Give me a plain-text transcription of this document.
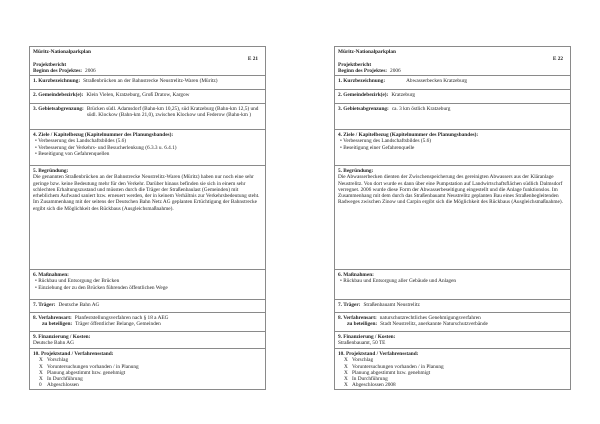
Müritz-Nationalparkplan
E 21
Projektbericht
Beginn des Projektes: 2006
1. Kurzbezeichnung: Straßenbrücken an der Bahnstrecke Neustrelitz-Waren (Müritz)
2. Gemeindebezirk(e): Klein Vielen, Kratzeburg, Groß Dratow, Kargow
3. Gebietsabgrenzung: Brücken südl. Adamsdorf (Bahn-km 10,25), süd Kratzeburg (Bahn-km 12,5) und südl. Klockow (Bahn-km 21,0), zwischen Klockow und Federow (Bahn-km )
4. Ziele / Kapitelbezug (Kapitelnummer des Planungsbandes):
• Verbesserung des Landschaftsbildes (5.6)
• Verbesserung der Verkehrs- und Besucherlenkung (6.3.3 u. 6.4.1)
• Beseitigung von Gefahrenquellen
5. Begründung:
Die genannten Straßenbrücken an der Bahnstrecke Neustrelitz-Waren (Müritz) haben nur noch eine sehr geringe bzw. keine Bedeutung mehr für den Verkehr. Darüber hinaus befinden sie sich in einem sehr schlechten Erhaltungszustand und müssten durch die Träger der Straßenbaulast (Gemeinden) mit erheblichem Aufwand saniert bzw. erneuert werden, der in keinem Verhältnis zur Verkehrsbedeutung steht. Im Zusammenhang mit der seitens der Deutschen Bahn Netz AG geplanten Ertüchtigung der Bahnstrecke ergibt sich die Möglichkeit des Rückbaus (Ausgleichsmaßnahme).
6. Maßnahmen:
• Rückbau und Entsorgung der Brücken
• Einziehung der zu den Brücken führenden öffentlichen Wege
7. Träger: Deutsche Bahn AG
8. Verfahrensart: Planfeststellungsverfahren nach § 18 a AEG
zu beteiligen: Träger öffentlicher Belange, Gemeinden
9. Finanzierung / Kosten:
Deutsche Bahn AG
10. Projektstand / Verfahrensstand:
X Vorschlag
X Voruntersuchungen vorhanden / in Planung
X Planung abgestimmt bzw. genehmigt
X In Durchführung
0 Abgeschlossen
Müritz-Nationalparkplan
E 22
Projektbericht
Beginn des Projektes: 2006
1. Kurzbezeichnung:	Abwasserbecken Kratzeburg
2. Gemeindebezirk(e): Kratzeburg
3. Gebietsabgrenzung: ca. 3 km östlich Kratzeburg
4. Ziele / Kapitelbezug (Kapitelnummer des Planungsbandes):
• Verbesserung des Landschaftsbildes (5.6)
• Beseitigung einer Gefahrenquelle
5. Begründung:
Die Abwasserbecken dienten der Zwischenspeicherung des gereinigten Abwassers aus der Kläranlage Neustrelitz. Von dort wurde es dann über eine Pumpstation auf Landwirtschaftsflächen südlich Dalmsdorf verregnet. 2006 wurde diese Form der Abwasserbeseitigung eingestellt und die Anlage funktionslos. Im Zusammenhang mit dem durch das Straßenbauamt Neustrelitz geplanten Bau eines Straßenbegleitenden Radweges zwischen Zinow und Carpin ergibt sich die Möglichkeit des Rückbaus (Ausgleichsmaßnahme).
6. Maßnahmen:
• Rückbau und Entsorgung aller Gebäude und Anlagen
7. Träger: Straßenbauamt Neustrelitz
8. Verfahrensart: naturschutzrechtliches Genehmigungsverfahren
zu beteiligen: Stadt Neustrelitz, anerkannte Naturschutzverbände
9. Finanzierung / Kosten:
Straßenbauamt, 50 TE
10. Projektstand / Verfahrensstand:
X Vorschlag
X Voruntersuchungen vorhanden / in Planung
X Planung abgestimmt bzw. genehmigt
X In Durchführung
X Abgeschlossen 2008
